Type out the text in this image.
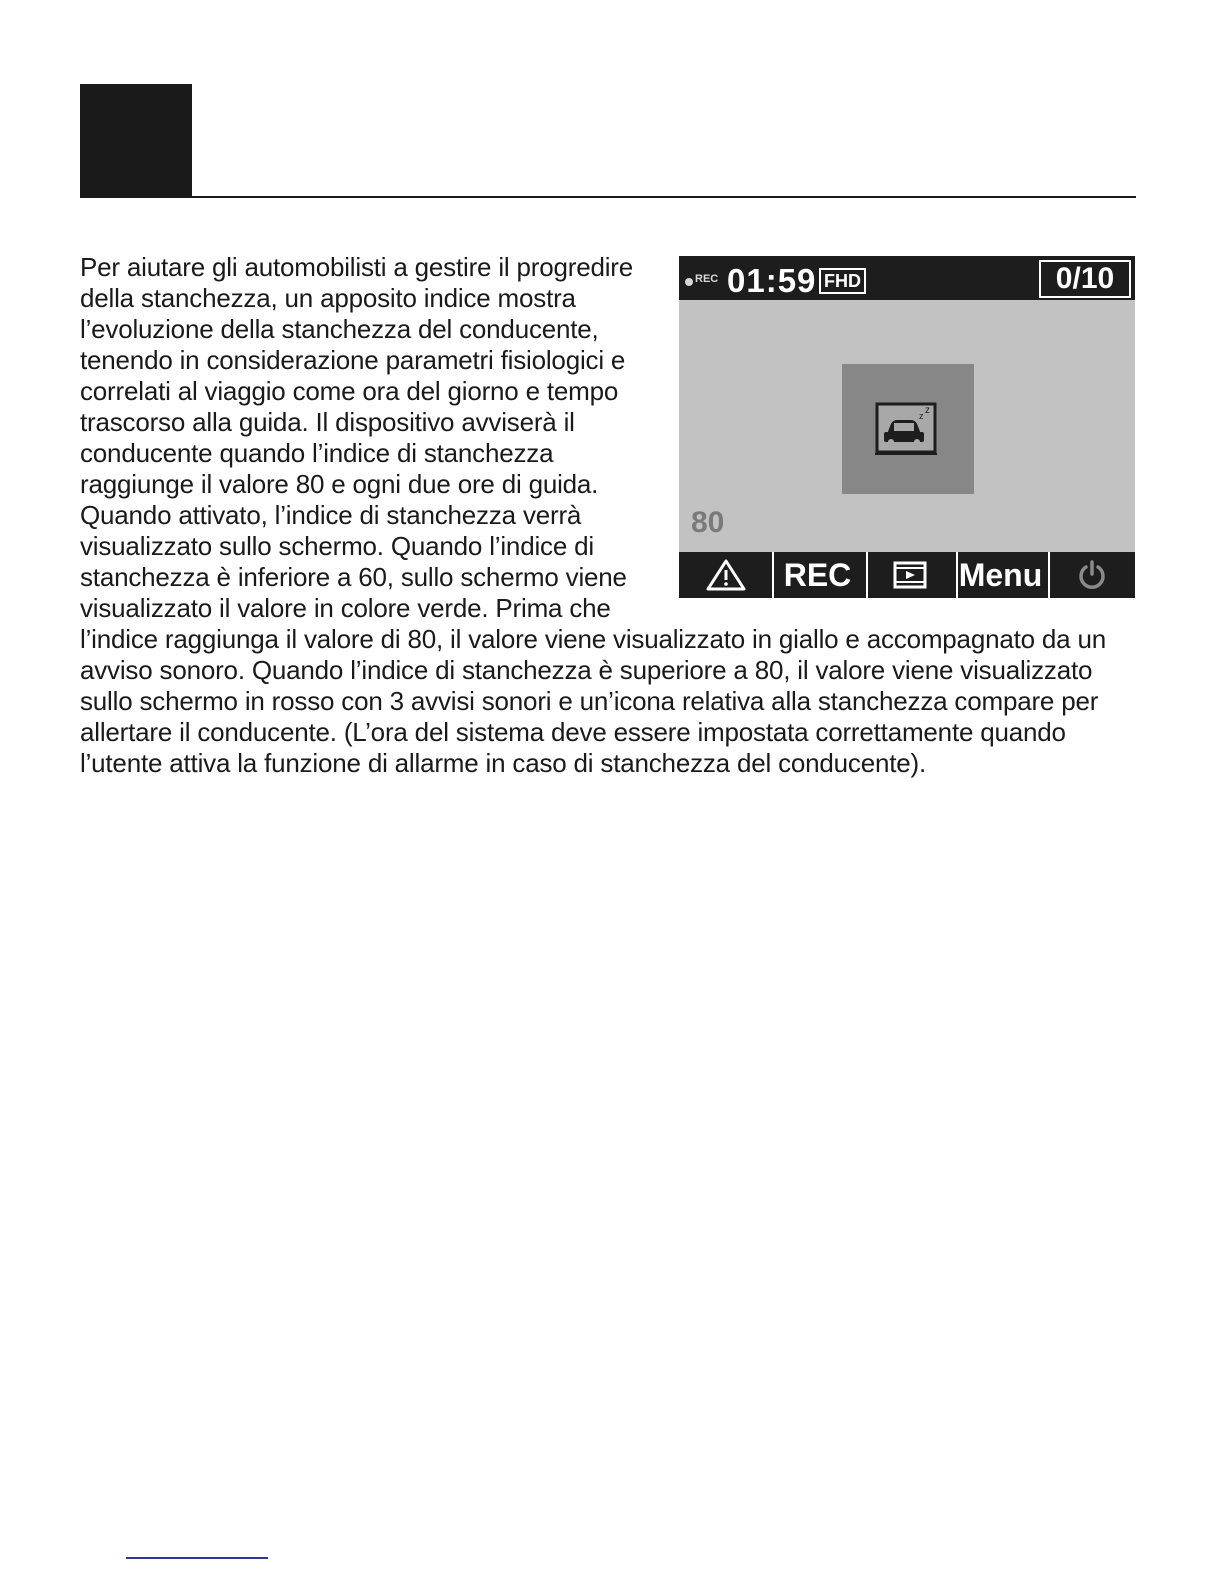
REC 01:59 FHD	0/10
z z
80
REC	Menu

Per aiutare gli automobilisti a gestire il progredire della stanchezza, un apposito indice mostra l’evoluzione della stanchezza del conducente, tenendo in considerazione parametri fisiologici e correlati al viaggio come ora del giorno e tempo trascorso alla guida. Il dispositivo avviserà il conducente quando l’indice di stanchezza raggiunge il valore 80 e ogni due ore di guida. Quando attivato, l’indice di stanchezza verrà visualizzato sullo schermo. Quando l’indice di stanchezza è inferiore a 60, sullo schermo viene visualizzato il valore in colore verde. Prima che l’indice raggiunga il valore di 80, il valore viene visualizzato in giallo e accompagnato da un avviso sonoro. Quando l’indice di stanchezza è superiore a 80, il valore viene visualizzato sullo schermo in rosso con 3 avvisi sonori e un’icona relativa alla stanchezza compare per allertare il conducente. (L’ora del sistema deve essere impostata correttamente quando l’utente attiva la funzione di allarme in caso di stanchezza del conducente).
